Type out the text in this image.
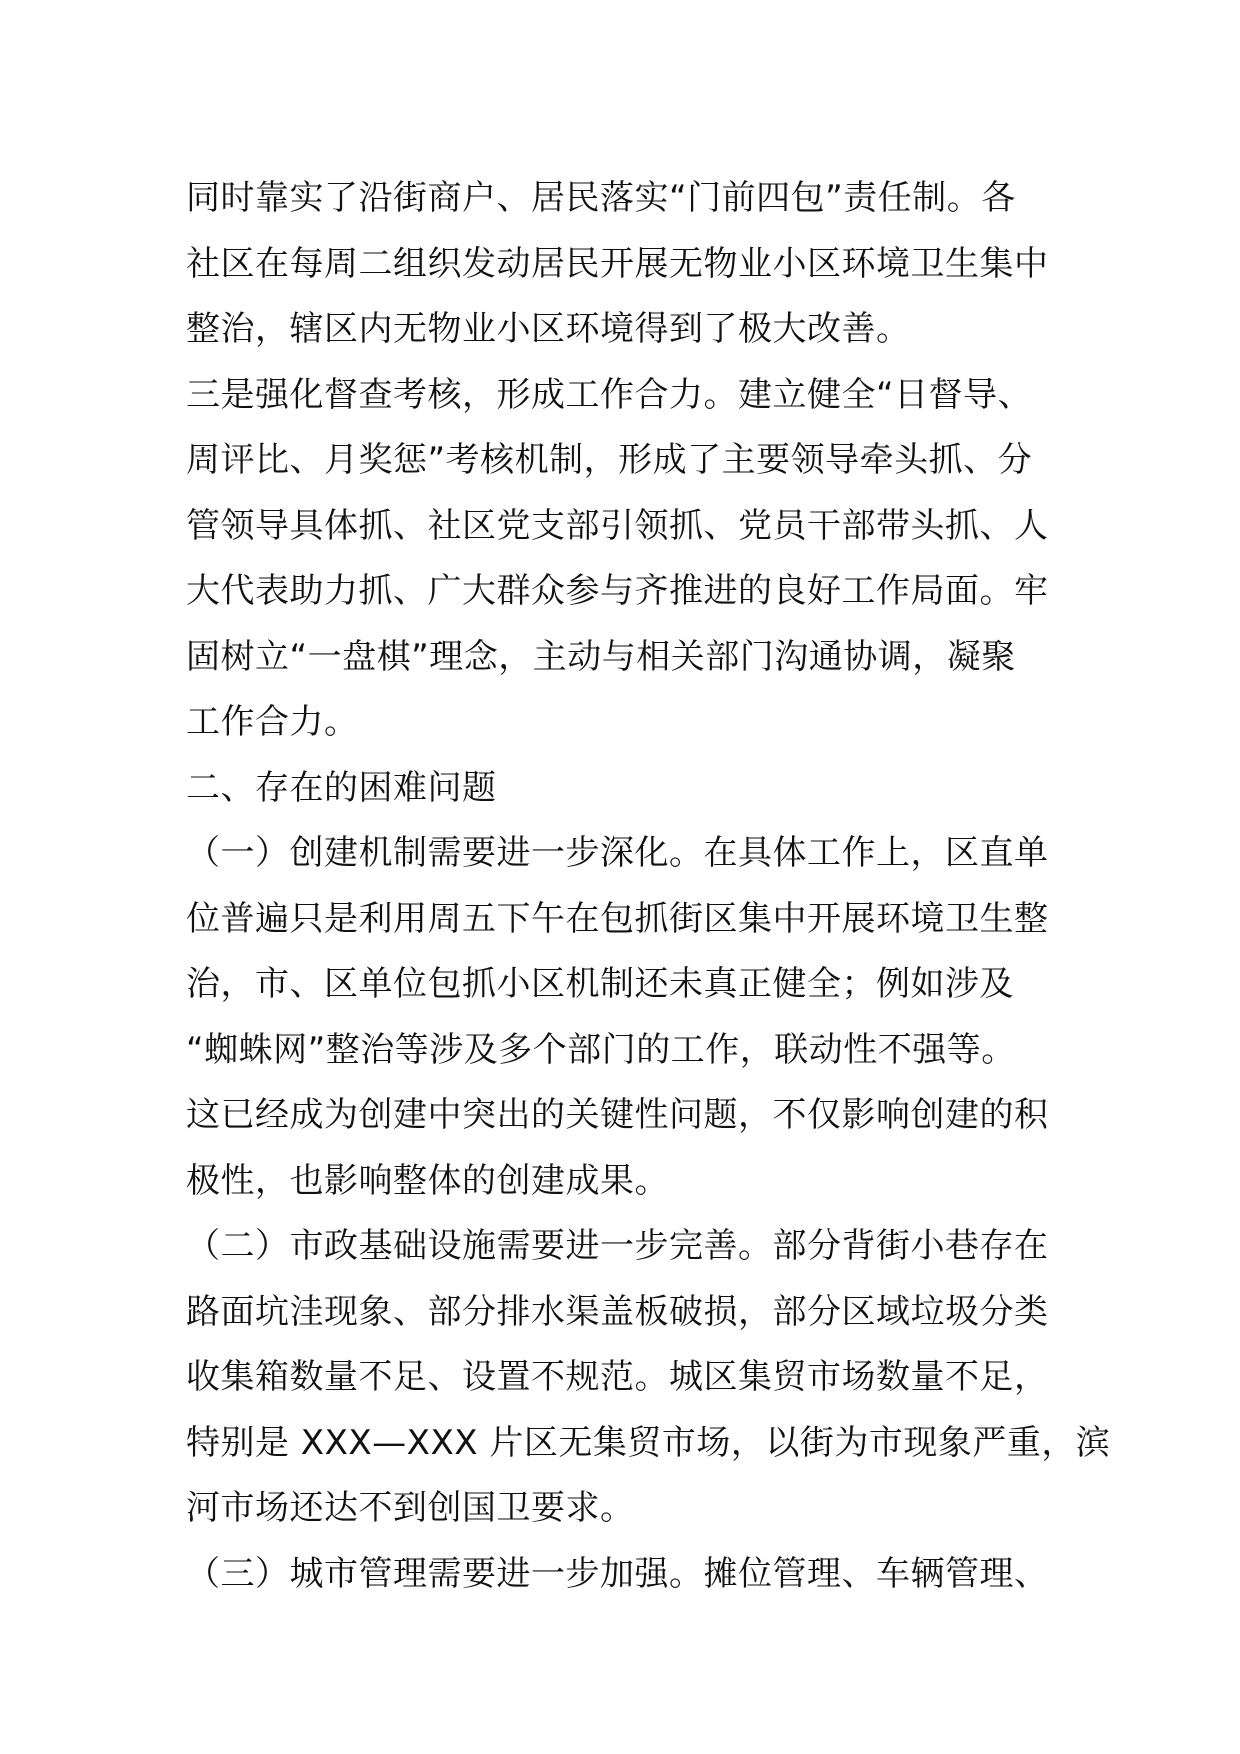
同时靠实了沿街商户、居民落实“门前四包”责任制。各
社区在每周二组织发动居民开展无物业小区环境卫生集中
整治，辖区内无物业小区环境得到了极大改善。
三是强化督查考核，形成工作合力。建立健全“日督导、
周评比、月奖惩”考核机制，形成了主要领导牵头抓、分
管领导具体抓、社区党支部引领抓、党员干部带头抓、人
大代表助力抓、广大群众参与齐推进的良好工作局面。牢
固树立“一盘棋”理念，主动与相关部门沟通协调，凝聚
工作合力。
二、存在的困难问题
（一）创建机制需要进一步深化。在具体工作上，区直单
位普遍只是利用周五下午在包抓街区集中开展环境卫生整
治，市、区单位包抓小区机制还未真正健全；例如涉及
“蜘蛛网”整治等涉及多个部门的工作，联动性不强等。
这已经成为创建中突出的关键性问题，不仅影响创建的积
极性，也影响整体的创建成果。
（二）市政基础设施需要进一步完善。部分背街小巷存在
路面坑洼现象、部分排水渠盖板破损，部分区域垃圾分类
收集箱数量不足、设置不规范。城区集贸市场数量不足，
特别是 XXX—XXX 片区无集贸市场，以街为市现象严重，滨
河市场还达不到创国卫要求。
（三）城市管理需要进一步加强。摊位管理、车辆管理、
